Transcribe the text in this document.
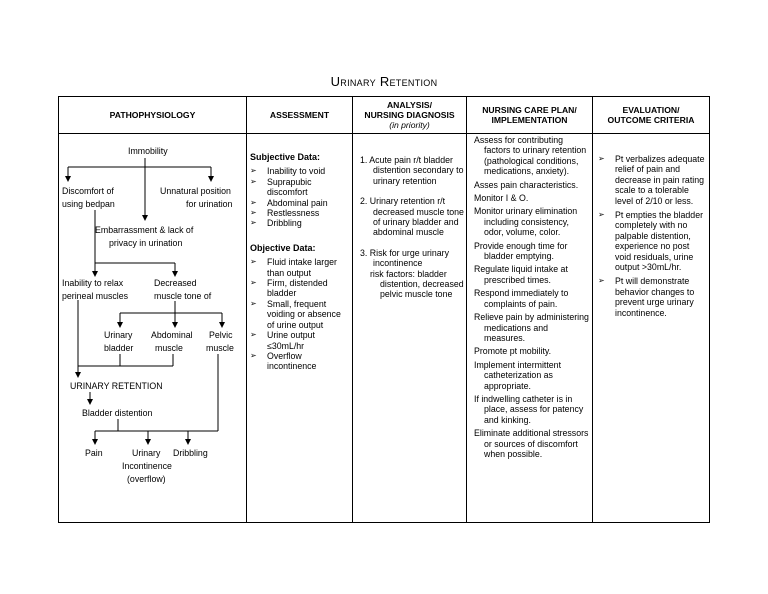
Urinary Retention
PATHOPHYSIOLOGY	ASSESSMENT
ANALYSIS/
NURSING DIAGNOSIS
(in priority)
NURSING CARE PLAN/
IMPLEMENTATION
EVALUATION/
OUTCOME CRITERIA
Immobility
Discomfort of
using bedpan
Unnatural position
for urination
Embarrassment & lack of
privacy in urination
Inability to relax
perineal muscles
Decreased
muscle tone of
Urinary
bladder
Abdominal
muscle
Pelvic
muscle
URINARY RETENTION
Bladder distention
Pain	Urinary
Incontinence
(overflow)
Dribbling
Subjective Data:
➢ Inability to void
➢ Suprapubic discomfort
➢ Abdominal pain
➢ Restlessness
➢ Dribbling
Objective Data:
➢ Fluid intake larger than output
➢ Firm, distended bladder
➢ Small, frequent voiding or absence of urine output
➢ Urine output ≤30mL/hr
➢ Overflow incontinence
1. Acute pain r/t bladder distention secondary to urinary retention
2. Urinary retention r/t decreased muscle tone of urinary bladder and abdominal muscle
3. Risk for urge urinary incontinence
risk factors: bladder distention, decreased pelvic muscle tone
Assess for contributing factors to urinary retention (pathological conditions, medications, anxiety).
Asses pain characteristics.
Monitor I & O.
Monitor urinary elimination including consistency, odor, volume, color.
Provide enough time for bladder emptying.
Regulate liquid intake at prescribed times.
Respond immediately to complaints of pain.
Relieve pain by administering medications and measures.
Promote pt mobility.
Implement intermittent catheterization as appropriate.
If indwelling catheter is in place, assess for patency and kinking.
Eliminate additional stressors or sources of discomfort when possible.
➢ Pt verbalizes adequate relief of pain and decrease in pain rating scale to a tolerable level of 2/10 or less.
➢ Pt empties the bladder completely with no palpable distention, experience no post void residuals, urine output >30mL/hr.
➢ Pt will demonstrate behavior changes to prevent urge urinary incontinence.
